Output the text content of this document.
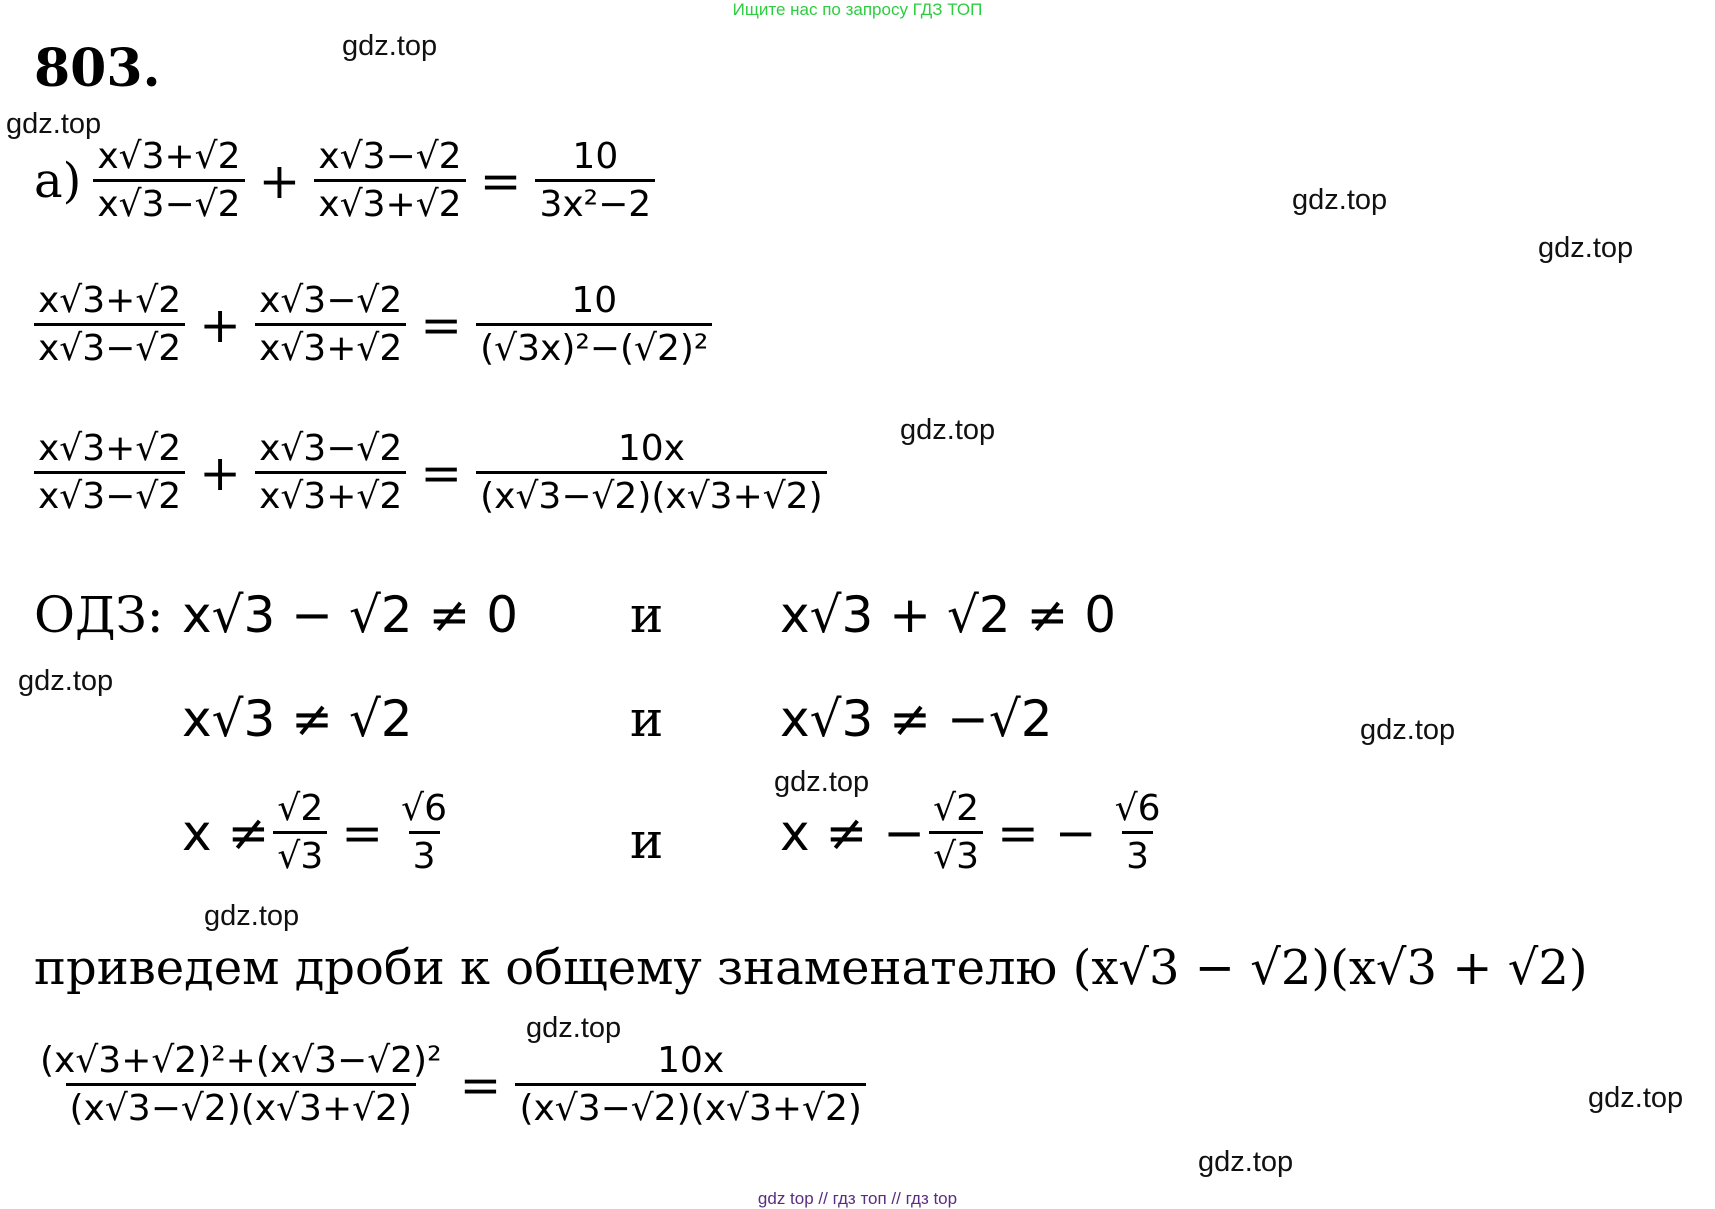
Ищите нас по запросу ГДЗ ТОП
gdz top // гдз топ // гдз top
803.	gdz.top
gdz.top
gdz.top
gdz.top
gdz.top
gdz.top
gdz.top
gdz.top
gdz.top
gdz.top
gdz.top
gdz.top
$а) \frac{x√3+√2}{x√3-√2} + \frac{x√3-√2}{x√3+√2} = \frac{10}{\text{3x²−2}}$
$\frac{x√3+√2}{x√3-√2} + \frac{x√3-√2}{x√3+√2} = \frac{10}{\text{(√3x)²−(√2)²}}$
$\frac{x√3+√2}{x√3-√2} + \frac{x√3-√2}{x√3+√2} = \frac{10x}{(x√3-√2)(x√3+√2)}$
ОДЗ: x√3 − √2 ≠ 0 и x√3 + √2 ≠ 0
x√3 ≠ √2	и x√3 ≠ −√2
$x \ne \frac{√2}{√3} = \frac{√6}{3}$	и x ≠ − $\frac{√2}{√3}$ = − $\frac{√6}{3}$
приведем дроби к общему знаменателю (x√3 − √2)(x√3 + √2)
$\frac{\text{(x√3+√2)²+(x√3−√2)²}}{(x√3-√2)(x√3+√2)} = \frac{10x}{(x√3-√2)(x√3+√2)}$
